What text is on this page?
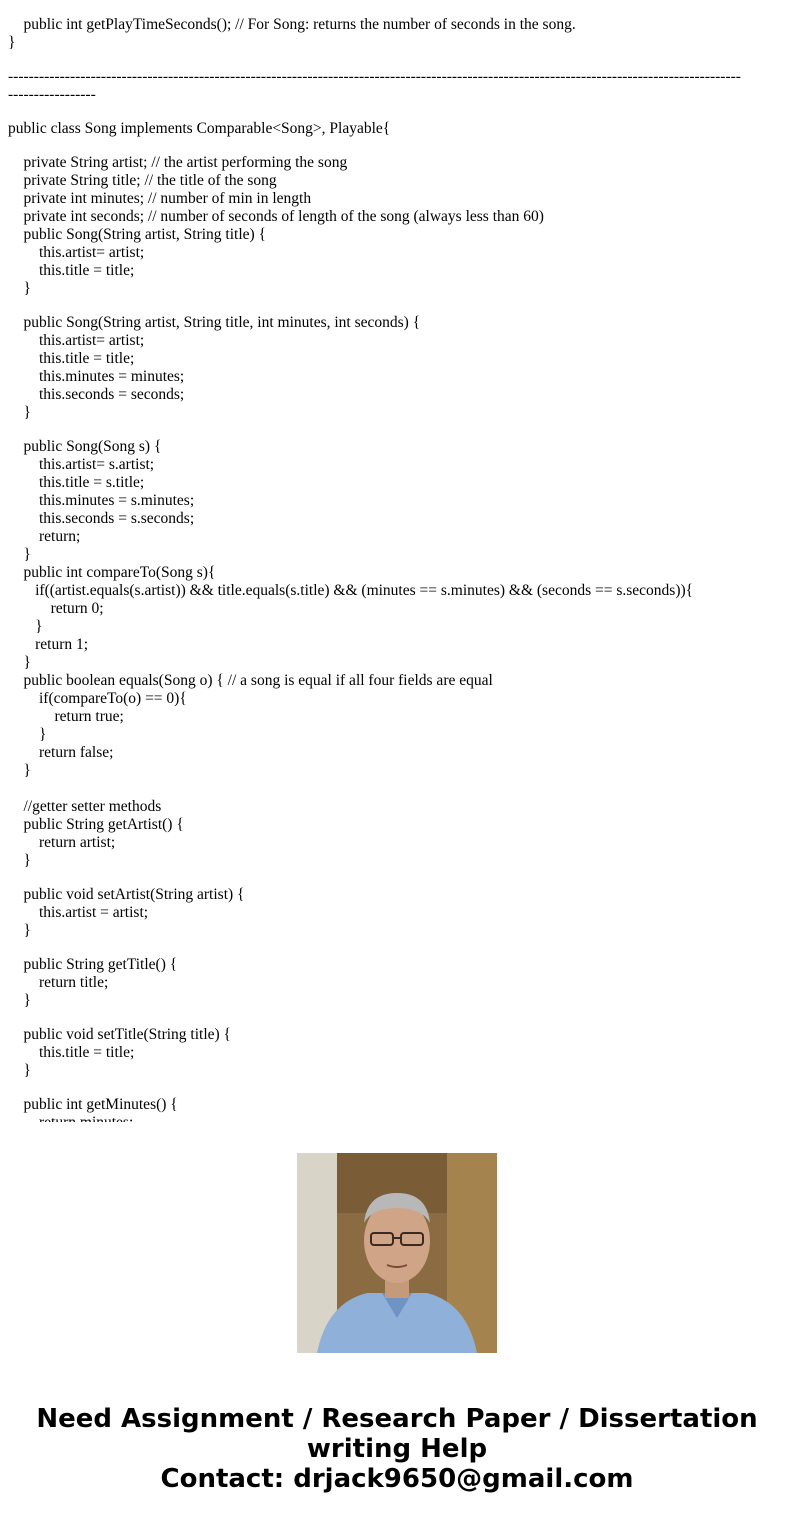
public int getPlayTimeSeconds(); // For Song: returns the number of seconds in the song.
}
----------------------------------------------------------------------------------------------------------------------------------------------
-----------------
public class Song implements Comparable<Song>, Playable{
private String artist; // the artist performing the song
private String title; // the title of the song
private int minutes; // number of min in length
private int seconds; // number of seconds of length of the song (always less than 60)
public Song(String artist, String title) {
this.artist= artist;
this.title = title;
}
public Song(String artist, String title, int minutes, int seconds) {
this.artist= artist;
this.title = title;
this.minutes = minutes;
this.seconds = seconds;
}
public Song(Song s) {
this.artist= s.artist;
this.title = s.title;
this.minutes = s.minutes;
this.seconds = s.seconds;
return;
}
public int compareTo(Song s){
if((artist.equals(s.artist)) && title.equals(s.title) && (minutes == s.minutes) && (seconds == s.seconds)){
return 0;
}
return 1;
}
public boolean equals(Song o) { // a song is equal if all four fields are equal
if(compareTo(o) == 0){
return true;
}
return false;
}
//getter setter methods
public String getArtist() {
return artist;
}
public void setArtist(String artist) {
this.artist = artist;
}
public String getTitle() {
return title;
}
public void setTitle(String title) {
this.title = title;
}
public int getMinutes() {
Need Assignment / Research Paper / Dissertation
writing Help
Contact: drjack9650@gmail.com
